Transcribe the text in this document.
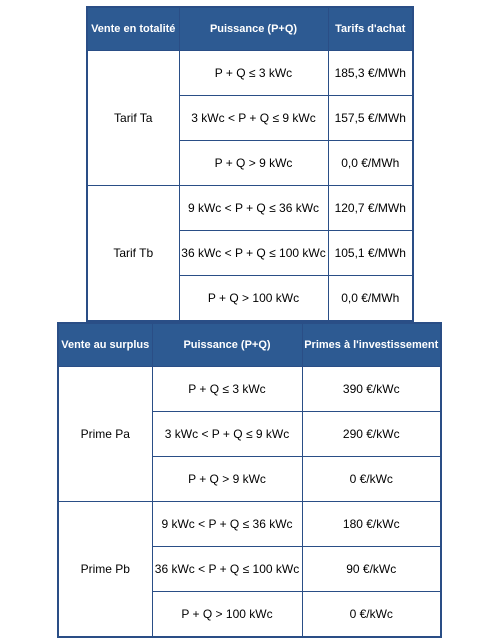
Vente en totalité	Puissance (P+Q)	Tarifs d'achat
Tarif Ta	P + Q ≤ 3 kWc	185,3 €/MWh
	3 kWc < P + Q ≤ 9 kWc	157,5 €/MWh
	P + Q > 9 kWc	0,0 €/MWh
Tarif Tb	9 kWc < P + Q ≤ 36 kWc	120,7 €/MWh
	36 kWc < P + Q ≤ 100 kWc	105,1 €/MWh
	P + Q > 100 kWc	0,0 €/MWh
Vente au surplus	Puissance (P+Q)	Primes à l'investissement
Prime Pa	P + Q ≤ 3 kWc	390 €/kWc
	3 kWc < P + Q ≤ 9 kWc	290 €/kWc
	P + Q > 9 kWc	0 €/kWc
Prime Pb	9 kWc < P + Q ≤ 36 kWc	180 €/kWc
	36 kWc < P + Q ≤ 100 kWc	90 €/kWc
	P + Q > 100 kWc	0 €/kWc
